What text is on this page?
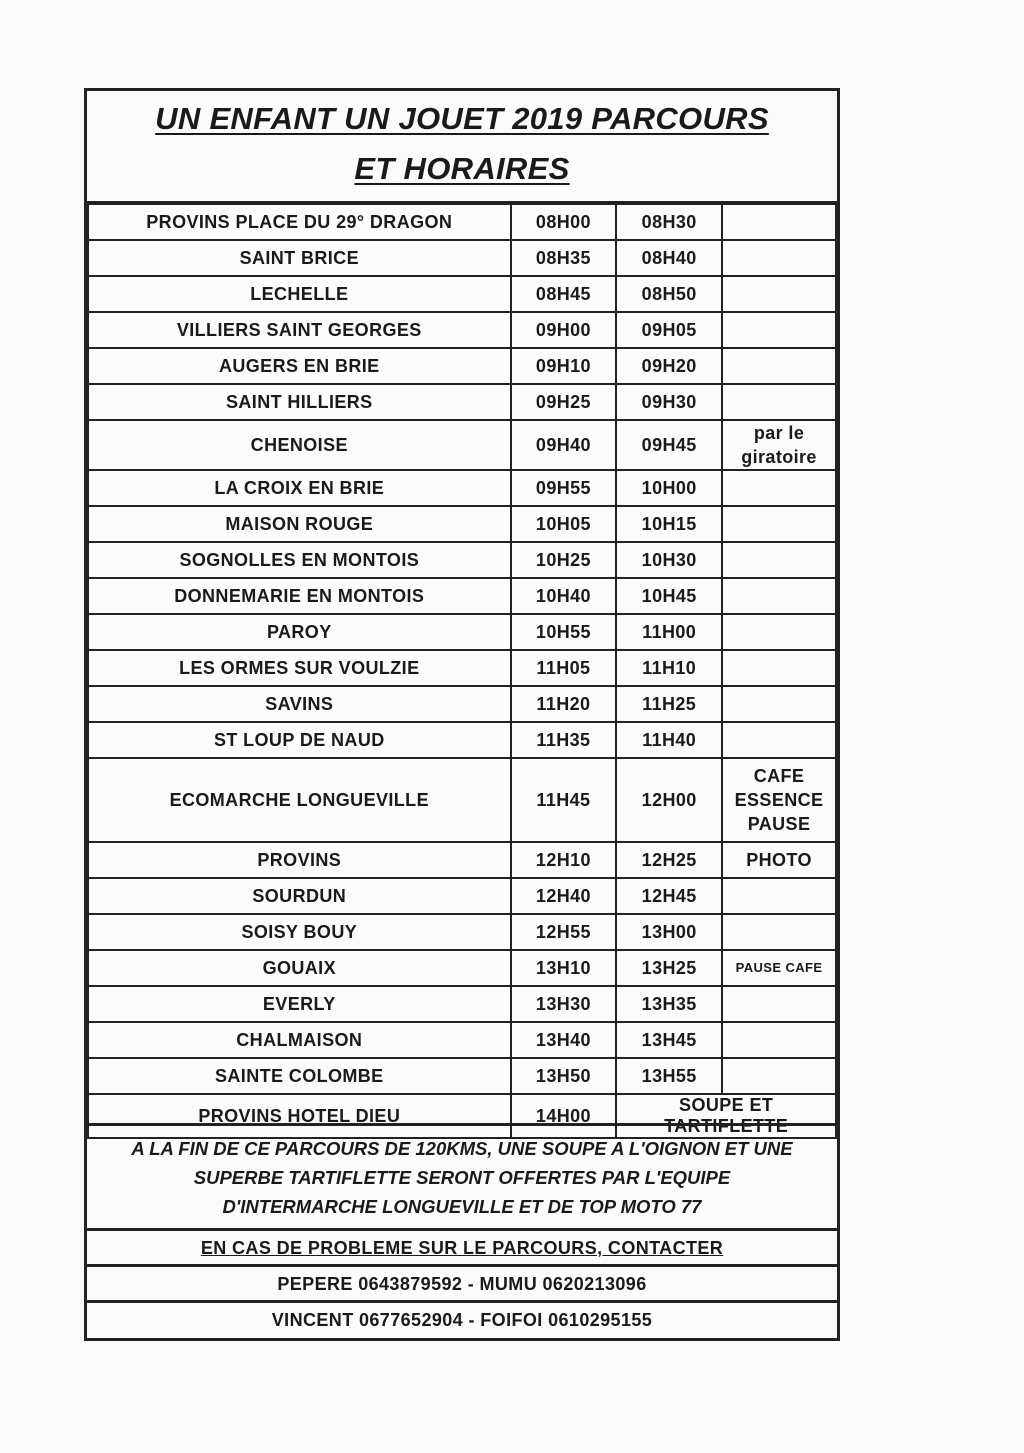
UN ENFANT UN JOUET 2019 PARCOURS
ET HORAIRES
PROVINS PLACE DU 29° DRAGON	08H00	08H30	
SAINT BRICE	08H35	08H40	
LECHELLE	08H45	08H50	
VILLIERS SAINT GEORGES	09H00	09H05	
AUGERS EN BRIE	09H10	09H20	
SAINT HILLIERS	09H25	09H30	
CHENOISE	09H40	09H45	par le
giratoire

LA CROIX EN BRIE	09H55	10H00	
MAISON ROUGE	10H05	10H15	
SOGNOLLES EN MONTOIS	10H25	10H30	
DONNEMARIE EN MONTOIS	10H40	10H45	
PAROY	10H55	11H00	
LES ORMES SUR VOULZIE	11H05	11H10	
SAVINS	11H20	11H25	
ST LOUP DE NAUD	11H35	11H40	
ECOMARCHE LONGUEVILLE	11H45	12H00	CAFE
ESSENCE
PAUSE

PROVINS	12H10	12H25	PHOTO

SOURDUN	12H40	12H45	
SOISY BOUY	12H55	13H00	
GOUAIX	13H10	13H25	PAUSE CAFE

EVERLY	13H30	13H35	
CHALMAISON	13H40	13H45	
SAINTE COLOMBE	13H50	13H55	
PROVINS HOTEL DIEU	14H00	SOUPE ET TARTIFLETTE	
A LA FIN DE CE PARCOURS DE 120KMS, UNE SOUPE A L'OIGNON ET UNE
SUPERBE TARTIFLETTE SERONT OFFERTES PAR L'EQUIPE
D'INTERMARCHE LONGUEVILLE ET DE TOP MOTO 77
EN CAS DE PROBLEME SUR LE PARCOURS, CONTACTER
PEPERE 0643879592 - MUMU 0620213096
VINCENT 0677652904 - FOIFOI 0610295155
